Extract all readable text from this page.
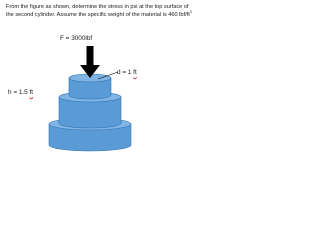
From the figure as shown, determine the stress in psi at the top surface of the second cylinder. Assume the specific weight of the material is 460 lbf/$ft^3$
F = 3000lbf
d = 1 ft
h = 1.5 ft
